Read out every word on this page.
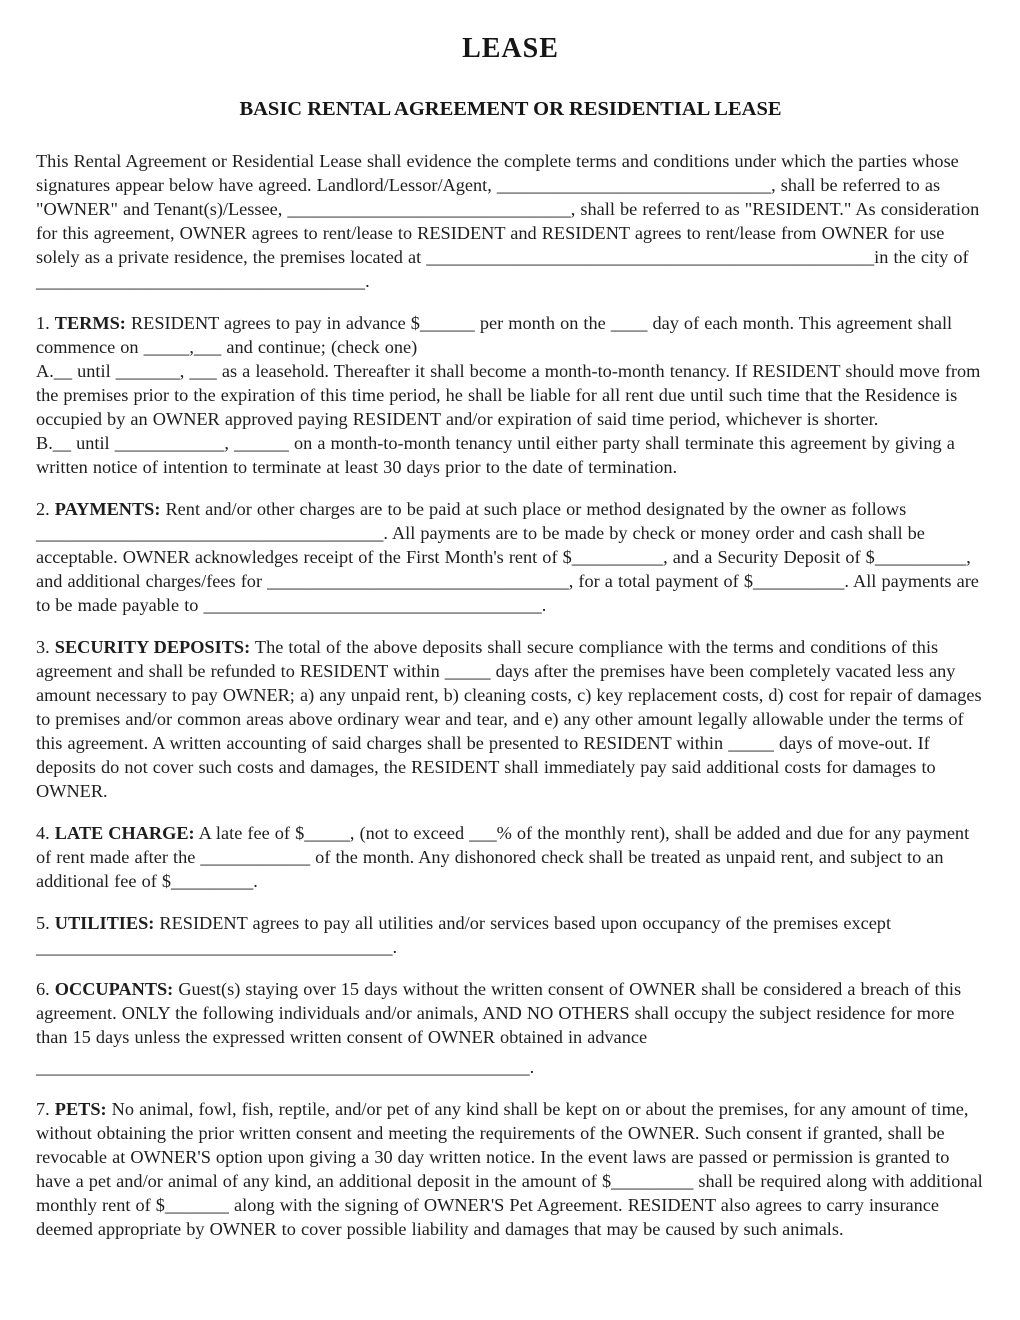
LEASE
BASIC RENTAL AGREEMENT OR RESIDENTIAL LEASE

This Rental Agreement or Residential Lease shall evidence the complete terms and conditions under which the parties whose signatures appear below have agreed. Landlord/Lessor/Agent, ______________________________, shall be referred to as "OWNER" and Tenant(s)/Lessee, _______________________________, shall be referred to as "RESIDENT." As consideration for this agreement, OWNER agrees to rent/lease to RESIDENT and RESIDENT agrees to rent/lease from OWNER for use solely as a private residence, the premises located at _________________________________________________in the city of ____________________________________.

1. TERMS: RESIDENT agrees to pay in advance $______ per month on the ____ day of each month. This agreement shall commence on _____,___ and continue; (check one)

A.__ until _______, ___ as a leasehold. Thereafter it shall become a month-to-month tenancy. If RESIDENT should move from the premises prior to the expiration of this time period, he shall be liable for all rent due until such time that the Residence is occupied by an OWNER approved paying RESIDENT and/or expiration of said time period, whichever is shorter.

B.__ until ____________, ______ on a month-to-month tenancy until either party shall terminate this agreement by giving a written notice of intention to terminate at least 30 days prior to the date of termination.

2. PAYMENTS: Rent and/or other charges are to be paid at such place or method designated by the owner as follows ______________________________________. All payments are to be made by check or money order and cash shall be acceptable. OWNER acknowledges receipt of the First Month's rent of $__________, and a Security Deposit of $__________, and additional charges/fees for _________________________________, for a total payment of $__________. All payments are to be made payable to _____________________________________.

3. SECURITY DEPOSITS: The total of the above deposits shall secure compliance with the terms and conditions of this agreement and shall be refunded to RESIDENT within _____ days after the premises have been completely vacated less any amount necessary to pay OWNER; a) any unpaid rent, b) cleaning costs, c) key replacement costs, d) cost for repair of damages to premises and/or common areas above ordinary wear and tear, and e) any other amount legally allowable under the terms of this agreement. A written accounting of said charges shall be presented to RESIDENT within _____ days of move-out. If deposits do not cover such costs and damages, the RESIDENT shall immediately pay said additional costs for damages to OWNER.

4. LATE CHARGE: A late fee of $_____, (not to exceed ___% of the monthly rent), shall be added and due for any payment of rent made after the ____________ of the month. Any dishonored check shall be treated as unpaid rent, and subject to an additional fee of $_________.

5. UTILITIES: RESIDENT agrees to pay all utilities and/or services based upon occupancy of the premises except _______________________________________.

6. OCCUPANTS: Guest(s) staying over 15 days without the written consent of OWNER shall be considered a breach of this agreement. ONLY the following individuals and/or animals, AND NO OTHERS shall occupy the subject residence for more than 15 days unless the expressed written consent of OWNER obtained in advance

______________________________________________________.

7. PETS: No animal, fowl, fish, reptile, and/or pet of any kind shall be kept on or about the premises, for any amount of time, without obtaining the prior written consent and meeting the requirements of the OWNER. Such consent if granted, shall be revocable at OWNER'S option upon giving a 30 day written notice. In the event laws are passed or permission is granted to have a pet and/or animal of any kind, an additional deposit in the amount of $_________ shall be required along with additional monthly rent of $_______ along with the signing of OWNER'S Pet Agreement. RESIDENT also agrees to carry insurance deemed appropriate by OWNER to cover possible liability and damages that may be caused by such animals.
